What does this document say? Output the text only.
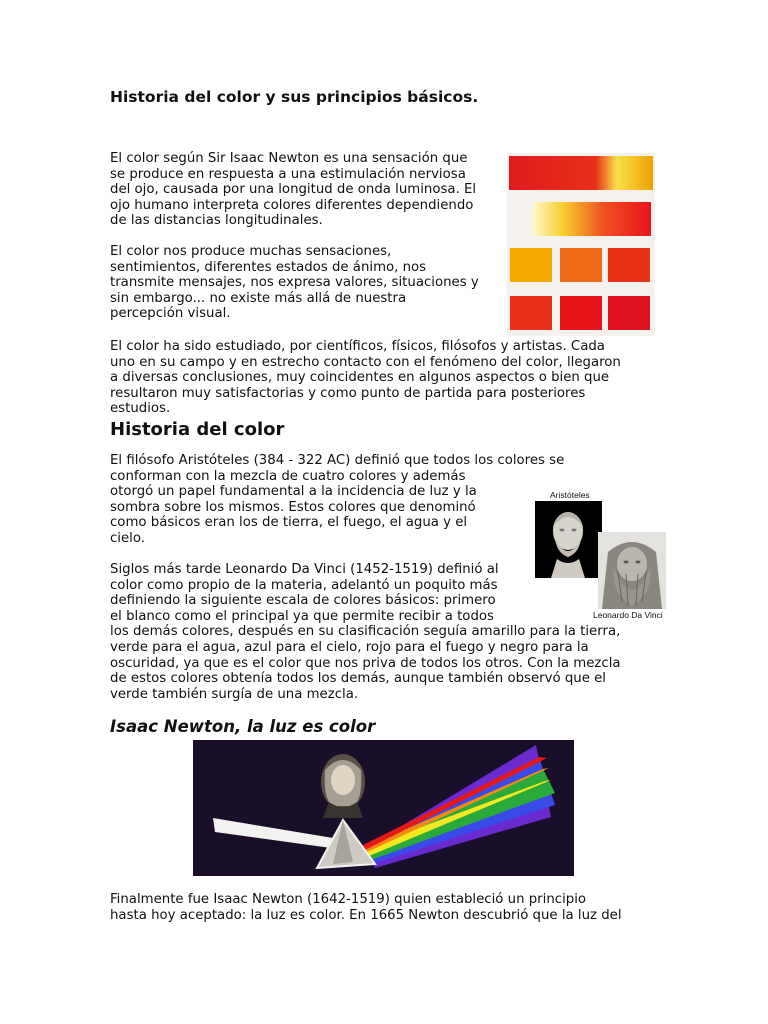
Historia del color y sus principios básicos.
El color según Sir Isaac Newton es una sensación que
se produce en respuesta a una estimulación nerviosa
del ojo, causada por una longitud de onda luminosa. El
ojo humano interpreta colores diferentes dependiendo
de las distancias longitudinales.
El color nos produce muchas sensaciones,
sentimientos, diferentes estados de ánimo, nos
transmite mensajes, nos expresa valores, situaciones y
sin embargo... no existe más allá de nuestra
percepción visual.
El color ha sido estudiado, por científicos, físicos, filósofos y artistas. Cada
uno en su campo y en estrecho contacto con el fenómeno del color, llegaron
a diversas conclusiones, muy coincidentes en algunos aspectos o bien que
resultaron muy satisfactorias y como punto de partida para posteriores
estudios.
Historia del color
El filósofo Aristóteles (384 - 322 AC) definió que todos los colores se
conforman con la mezcla de cuatro colores y además
otorgó un papel fundamental a la incidencia de luz y la
sombra sobre los mismos. Estos colores que denominó
como básicos eran los de tierra, el fuego, el agua y el
cielo.
Siglos más tarde Leonardo Da Vinci (1452-1519) definió al
color como propio de la materia, adelantó un poquito más
definiendo la siguiente escala de colores básicos: primero
el blanco como el principal ya que permite recibir a todos
los demás colores, después en su clasificación seguía amarillo para la tierra,
verde para el agua, azul para el cielo, rojo para el fuego y negro para la
oscuridad, ya que es el color que nos priva de todos los otros. Con la mezcla
de estos colores obtenía todos los demás, aunque también observó que el
verde también surgía de una mezcla.
Aristóteles
Leonardo Da Vinci
Isaac Newton, la luz es color
Finalmente fue Isaac Newton (1642-1519) quien estableció un principio
hasta hoy aceptado: la luz es color. En 1665 Newton descubrió que la luz del
